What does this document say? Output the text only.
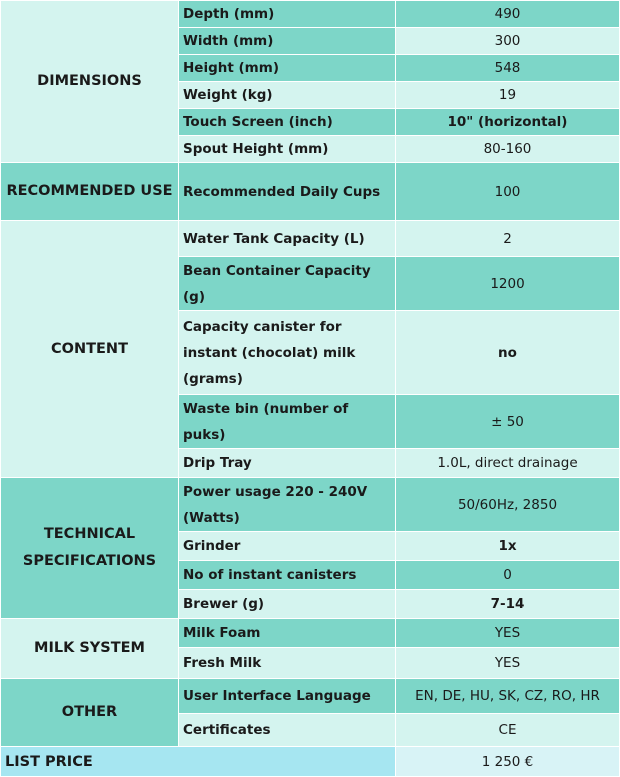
DIMENSIONS	Depth (mm)	490
	Width (mm)	300
	Height (mm)	548
	Weight (kg)	19
	Touch Screen (inch)	10" (horizontal)
	Spout Height (mm)	80-160
RECOMMENDED USE	Recommended Daily Cups	100
CONTENT	Water Tank Capacity (L)	2
	Bean Container Capacity (g)	1200
	Capacity canister for instant (chocolat) milk (grams)	no
	Waste bin (number of puks)	± 50
	Drip Tray	1.0L, direct drainage
TECHNICAL SPECIFICATIONS	Power usage 220 - 240V (Watts)	50/60Hz, 2850
	Grinder	1x
	No of instant canisters	0
	Brewer (g)	7-14
MILK SYSTEM	Milk Foam	YES
	Fresh Milk	YES
OTHER	User Interface Language	EN, DE, HU, SK, CZ, RO, HR
	Certificates	CE
LIST PRICE		1 250 €
